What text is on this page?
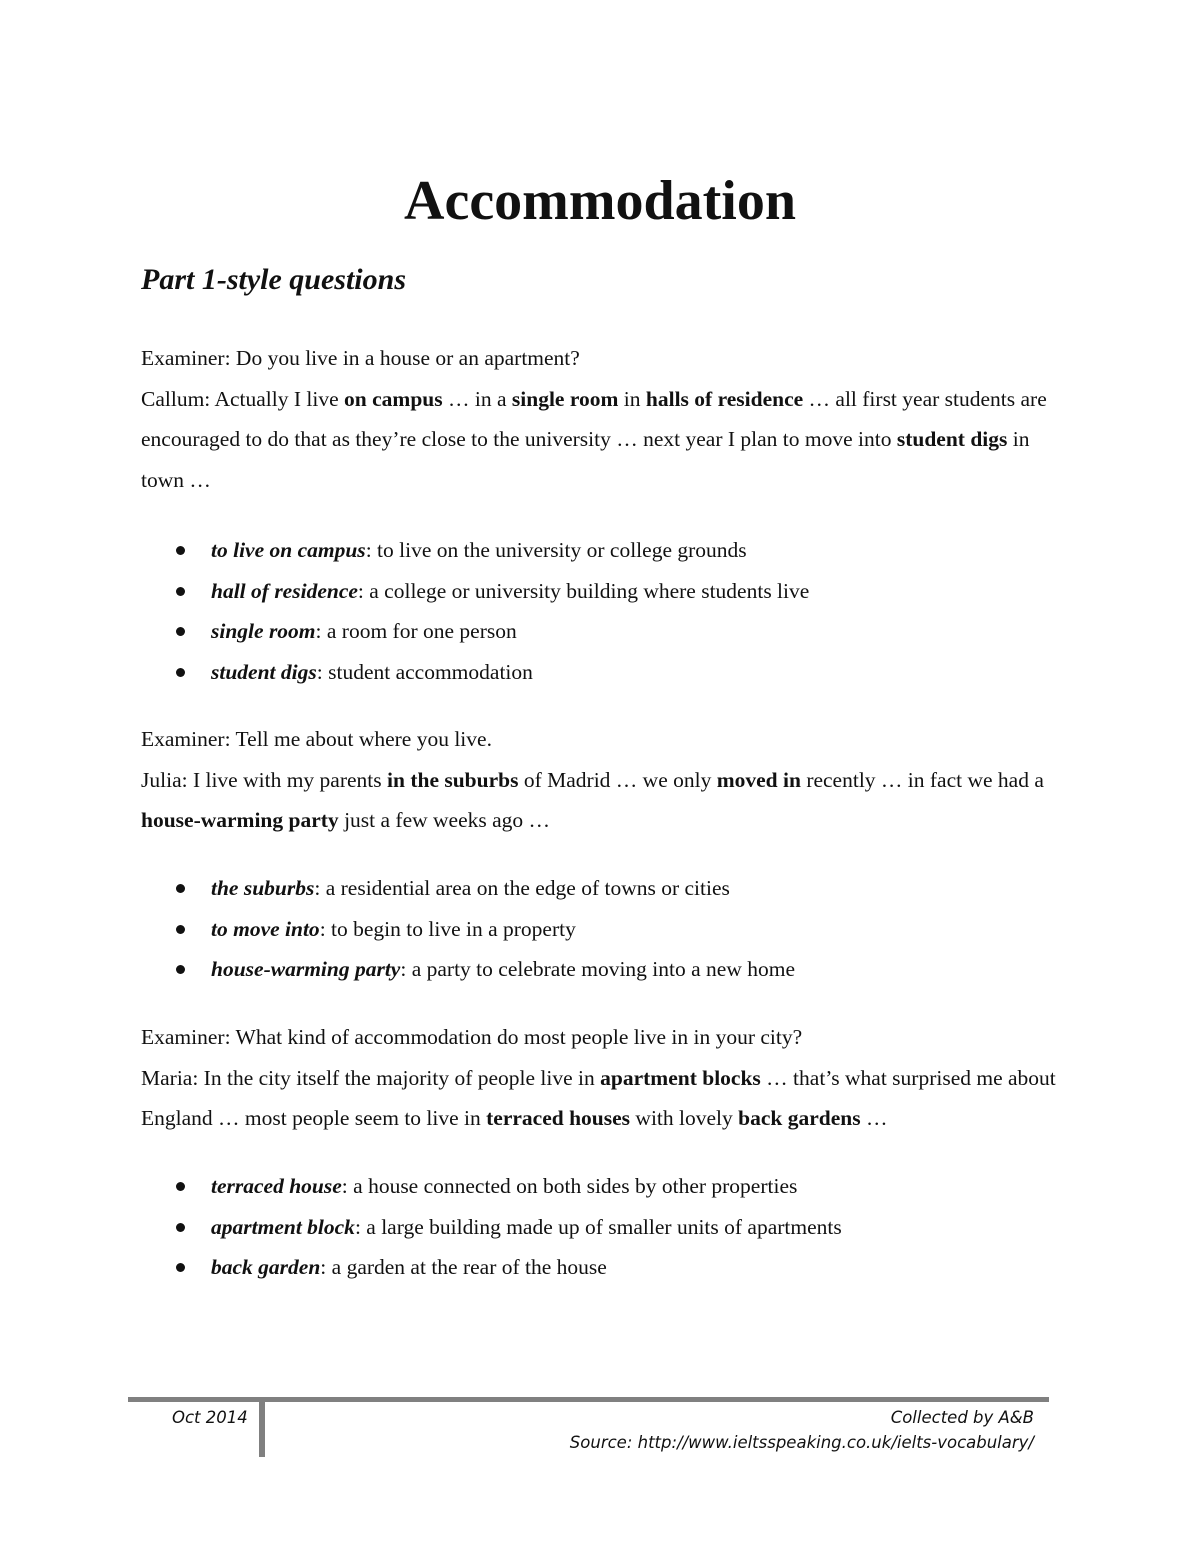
Accommodation
Part 1-style questions

Examiner: Do you live in a house or an apartment?

Callum: Actually I live on campus … in a single room in halls of residence … all first year students are encouraged to do that as they’re close to the university … next year I plan to move into student digs in town …

to live on campus: to live on the university or college grounds
hall of residence: a college or university building where students live
single room: a room for one person
student digs: student accommodation

Examiner: Tell me about where you live.

Julia: I live with my parents in the suburbs of Madrid … we only moved in recently … in fact we had a house-warming party just a few weeks ago …

the suburbs: a residential area on the edge of towns or cities
to move into: to begin to live in a property
house-warming party: a party to celebrate moving into a new home

Examiner: What kind of accommodation do most people live in in your city?

Maria: In the city itself the majority of people live in apartment blocks … that’s what surprised me about England … most people seem to live in terraced houses with lovely back gardens …

terraced house: a house connected on both sides by other properties
apartment block: a large building made up of smaller units of apartments
back garden: a garden at the rear of the house
Oct 2014	Collected by A&B
Source: http://www.ieltsspeaking.co.uk/ielts-vocabulary/
